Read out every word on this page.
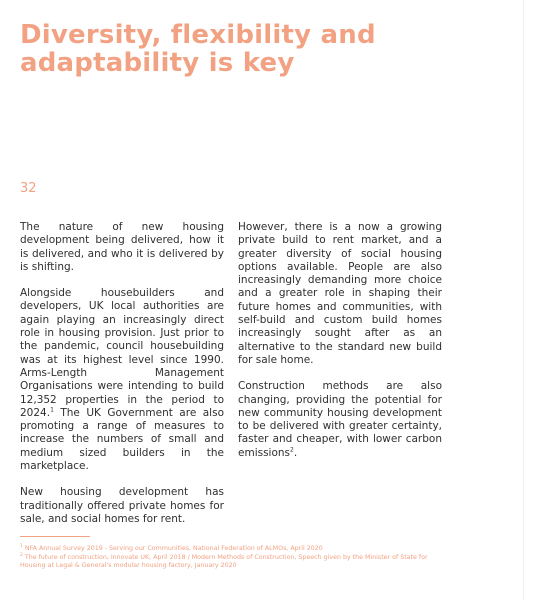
Diversity, flexibility and
adaptability is key
32

The nature of new housing development being delivered, how it is delivered, and who it is delivered by is shifting.

Alongside housebuilders and developers, UK local authorities are again playing an increasingly direct role in housing provision. Just prior to the pandemic, council housebuilding was at its highest level since 1990. Arms-Length Management Organisations were intending to build 12,352 properties in the period to 2024.$^1$ The UK Government are also promoting a range of measures to increase the numbers of small and medium sized builders in the marketplace.

New housing development has traditionally offered private homes for sale, and social homes for rent.

However, there is a now a growing private build to rent market, and a greater diversity of social housing options available. People are also increasingly demanding more choice and a greater role in shaping their future homes and communities, with self-build and custom build homes increasingly sought after as an alternative to the standard new build for sale home.

Construction methods are also changing, providing the potential for new community housing development to be delivered with greater certainty, faster and cheaper, with lower carbon emissions$^2$.

$^1$ NFA Annual Survey 2019 - Serving our Communities, National Federation of ALMOs, April 2020

$^2$ The future of construction, Innovate UK, April 2018 / Modern Methods of Construction, Speech given by the Minister of State for Housing at Legal & General's modular housing factory, January 2020
